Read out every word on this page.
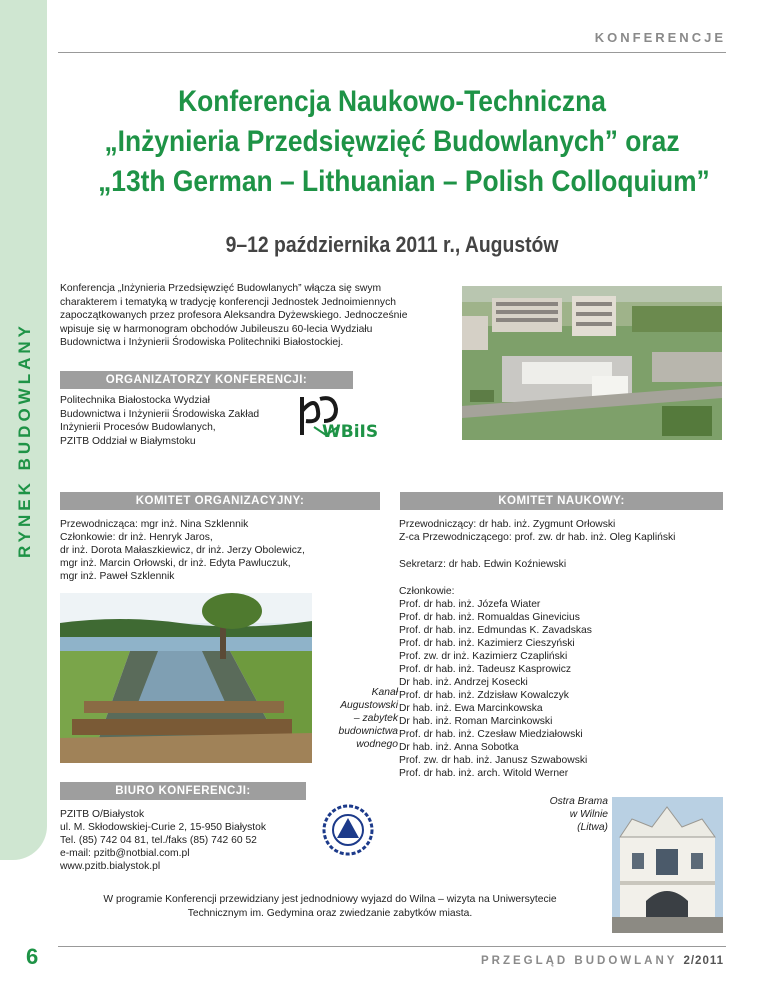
RYNEK BUDOWLANY
KONFERENCJE
Konferencja Naukowo-Techniczna
„Inżynieria Przedsięwzięć Budowlanych” oraz
„13th German – Lithuanian – Polish Colloquium”
9–12 października 2011 r., Augustów
Konferencja „Inżynieria Przedsięwzięć Budowlanych” włącza się swym charakterem i tematyką w tradycję konferencji Jednostek Jednoimiennych zapoczątkowanych przez profesora Aleksandra Dyżewskiego. Jednocześnie wpisuje się w harmonogram obchodów Jubileuszu 60-lecia Wydziału Budownictwa i Inżynierii Środowiska Politechniki Białostockiej.
ORGANIZATORZY KONFERENCJI:
Politechnika Białostocka Wydział
Budownictwa i Inżynierii Środowiska Zakład
Inżynierii Procesów Budowlanych,
PZITB Oddział w Białymstoku	WBiIS
KOMITET ORGANIZACYJNY:
Przewodnicząca: mgr inż. Nina Szklennik
Członkowie: dr inż. Henryk Jaros,
dr inż. Dorota Małaszkiewicz, dr inż. Jerzy Obolewicz,
mgr inż. Marcin Orłowski, dr inż. Edyta Pawluczuk,
mgr inż. Paweł Szklennik
KOMITET NAUKOWY:
Przewodniczący: dr hab. inż. Zygmunt Orłowski
Z-ca Przewodniczącego: prof. zw. dr hab. inż. Oleg Kapliński
Sekretarz: dr hab. Edwin Koźniewski
Członkowie:
Prof. dr hab. inż. Józefa Wiater
Prof. dr hab. inż. Romualdas Ginevicius
Prof. dr hab. inz. Edmundas K. Zavadskas
Prof. dr hab. inż. Kazimierz Cieszyński
Prof. zw. dr inż. Kazimierz Czapliński
Prof. dr hab. inż. Tadeusz Kasprowicz
Dr hab. inż. Andrzej Kosecki
Prof. dr hab. inż. Zdzisław Kowalczyk
Dr hab. inż. Ewa Marcinkowska
Dr hab. inż. Roman Marcinkowski
Prof. dr hab. inż. Czesław Miedziałowski
Dr hab. inż. Anna Sobotka
Prof. zw. dr hab. inż. Janusz Szwabowski
Prof. dr hab. inż. arch. Witold Werner
Kanał
Augustowski
– zabytek
budownictwa
wodnego
BIURO KONFERENCJI:
PZITB O/Białystok
ul. M. Skłodowskiej-Curie 2, 15-950 Białystok
Tel. (85) 742 04 81, tel./faks (85) 742 60 52
e-mail: pzitb@notbial.com.pl
www.pzitb.bialystok.pl
Ostra Brama
w Wilnie
(Litwa)
W programie Konferencji przewidziany jest jednodniowy wyjazd do Wilna – wizyta na Uniwersytecie
Technicznym im. Gedymina oraz zwiedzanie zabytków miasta.
6	PRZEGLĄD BUDOWLANY 2/2011
